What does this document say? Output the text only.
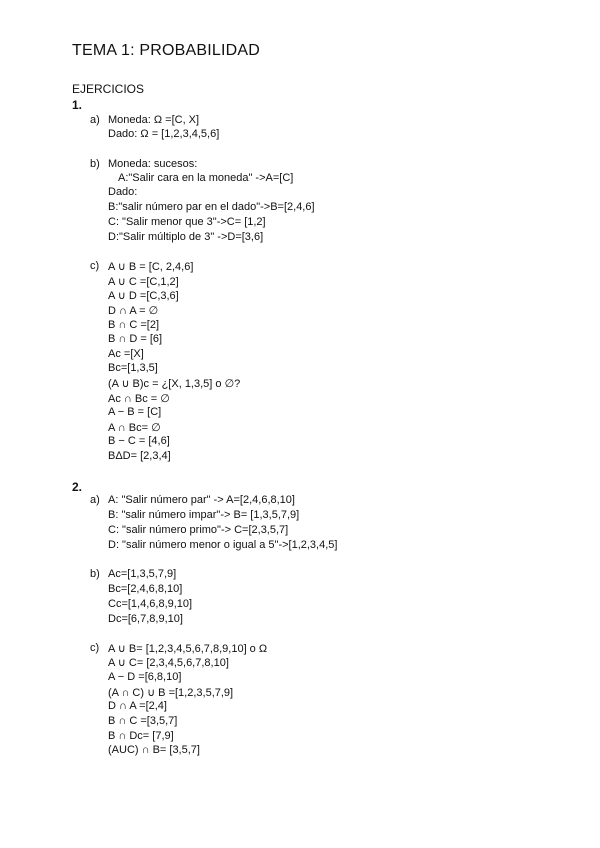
TEMA 1: PROBABILIDAD
EJERCICIOS
1.
a) Moneda: Ω =[C, X]
Dado: Ω = [1,2,3,4,5,6]
b) Moneda: sucesos:
A:"Salir cara en la moneda" ->A=[C]
Dado:
B:"salir número par en el dado"->B=[2,4,6]
C: "Salir menor que 3"->C= [1,2]
D:"Salir múltiplo de 3" ->D=[3,6]
c) A ∪ B = [C, 2,4,6]
A ∪ C =[C,1,2]
A ∪ D =[C,3,6]
D ∩ A = ∅
B ∩ C =[2]
B ∩ D = [6]
Ac =[X]
Bc=[1,3,5]
(A ∪ B)c = ¿[X, 1,3,5] o ∅?
Ac ∩ Bc = ∅
A − B = [C]
A ∩ Bc= ∅
B − C = [4,6]
BΔD= [2,3,4]
2.
a) A: "Salir número par" -> A=[2,4,6,8,10]
B: "salir número impar"-> B= [1,3,5,7,9]
C: "salir número primo"-> C=[2,3,5,7]
D: "salir número menor o igual a 5"->[1,2,3,4,5]
b) Ac=[1,3,5,7,9]
Bc=[2,4,6,8,10]
Cc=[1,4,6,8,9,10]
Dc=[6,7,8,9,10]
c) A ∪ B= [1,2,3,4,5,6,7,8,9,10] o Ω
A ∪ C= [2,3,4,5,6,7,8,10]
A − D =[6,8,10]
(A ∩ C) ∪ B =[1,2,3,5,7,9]
D ∩ A =[2,4]
B ∩ C =[3,5,7]
B ∩ Dc= [7,9]
(AUC) ∩ B= [3,5,7]
